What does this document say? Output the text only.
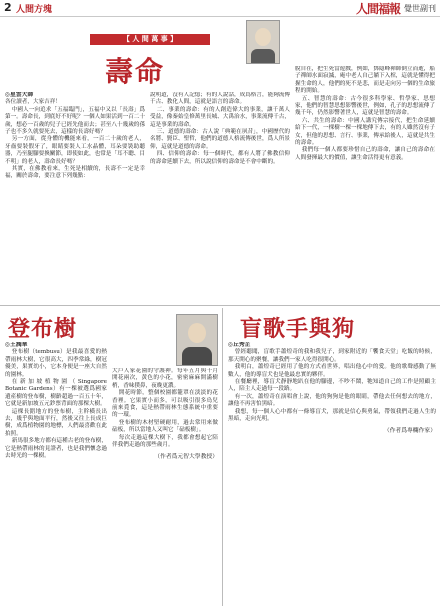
2 人間方塊	人間福報 覺世副刊
【 人 間 萬 事 】
壽命

◎星雲大師

各位讀者，大家吉祥！

中國人一向追求「五福臨門」，五福中又以「長壽」爲第一。壽命長，到底好不好呢？一個人如果活到一百二十歲，想必一百歲的兒子已經先他而去；甚至八十幾歲的孫子也不多久就要死去，這樣的長壽好嗎？

另一方面，從身體的機能來看，一百二十歲的老人，牙齒要裝假牙了，眼睛要裝人工水晶體，耳朵要裝助聽器，乃至腿腳要換關節，即使如此，也常是「耳不聰、目不明」的老人，壽命長好嗎？

其實，在佛教看來，生死是相續的，長壽不一定是幸福，關於壽命，要注意下列幾點：

說明道，沒有人記憶；有的人說話，成爲格言，能夠流傳千古、教化人間，這就是語言的壽命。

二、事業的壽命：有的人創造偉大的事業，讓千萬人受益，像秦始皇修萬里長城、大禹治水，事業流傳千古，這是事業的壽命。

三、道德的壽命：古人說「典範在夙昔」，中國歷代的名將、賢臣、聖哲，他們的道德人格流傳後世，爲人所景仰，這就是道德的壽命。

四、信仰的壽命：每一個時代，都有人將了佛教信仰的壽命延續下去，所以說信仰的壽命是不會中斷的。

脫自在，把生死當遊戲，例如，鄧隱峰禪師倒立而逝，船子禪師水面寂滅，庵中老人自己躺下入棺，這就是懂得把握生命的人，他們的死不是悲，而是走向另一個的生命旅程的開始。

五、智慧的壽命：古今很多科學家、哲學家、思想家，他們的智慧思想影響後世，例如，孔子的思想流傳了幾千年，仍然影響著世人，這就是智慧的壽命。

六、共生的壽命：中國人講究傳宗接代，把生命延續給下一代，一棵樹一棵一棵地傳下去，有的人雖然沒有子女，但他的思想、言行、事業，傳承給後人，這就是共生的壽命。

我們每一個人都要珍惜自己的壽命，讓自己的壽命在人間發揮最大的價值，讓生命活得更有意義。

登布樹

◎王潤華

登布樹（tembusu）是我最喜愛的熱帶雨林大樹，它很高大，四季常綠，樹冠優美，果實幼小，它本身便是一座大自然的園林。

在新加坡植物園（Singapore Botanic Gardens）有一棵被選爲國家遺產樹的登布樹，樹齡超過一百五十年，它就是新加坡五元鈔票背面的那棵大樹。

這棵長錯地方的登布樹，主幹橫長出去，幾乎與地面平行，然後又往上長成巨樹，成爲植物園的地標，人們最喜歡在此拍照。

新馬很多地方都有這種古老的登布樹，它是熱帶雨林的見證者，也是我們懷念過去時光的一棵樹。

大戶人家花園的守護神。每年五月與十月開花兩次，黃色的小花，密密麻麻開滿樹梢，香味撲鼻，夜晚更濃。

開花時節，整個校園都籠罩在淡淡的花香裡。它果實小而多，可以吸引很多鳥兒前來覓食，這是熱帶雨林生態系統中重要的一環。

登布樹的木材堅硬耐用，過去常用來做砧板，所以當地人又叫它「砧板樹」。

每次走過這棵大樹下，我都會想起它陪伴我們走過的那些歲月。

（作者爲元智大學教授）

盲歌手與狗

◎丘秀芷

曾經聽聞，盲歌手蕭煌奇的我和我兒子，到家附近的「饗食天堂」吃飯的時候，那天開心的聚餐，讓我們一家人吃得很開心。

我明白，蕭煌奇已經用了他的方式看世界，唱出他心中的愛。他的歌聲感動了無數人，他的導盲犬也是他最忠實的夥伴。

在餐廳裡，導盲犬靜靜地趴在他的腳邊，不吵不鬧，牠知道自己的工作是照顧主人，陪主人走過每一段路。

有一次，蕭煌奇在演唱會上說，他的狗狗是他的眼睛，帶他去任何想去的地方，讓他不再害怕黑暗。

我想，每一個人心中都有一條導盲犬，那就是信心與勇氣，帶領我們走過人生的黑暗，走向光明。

（作者爲專欄作家）
